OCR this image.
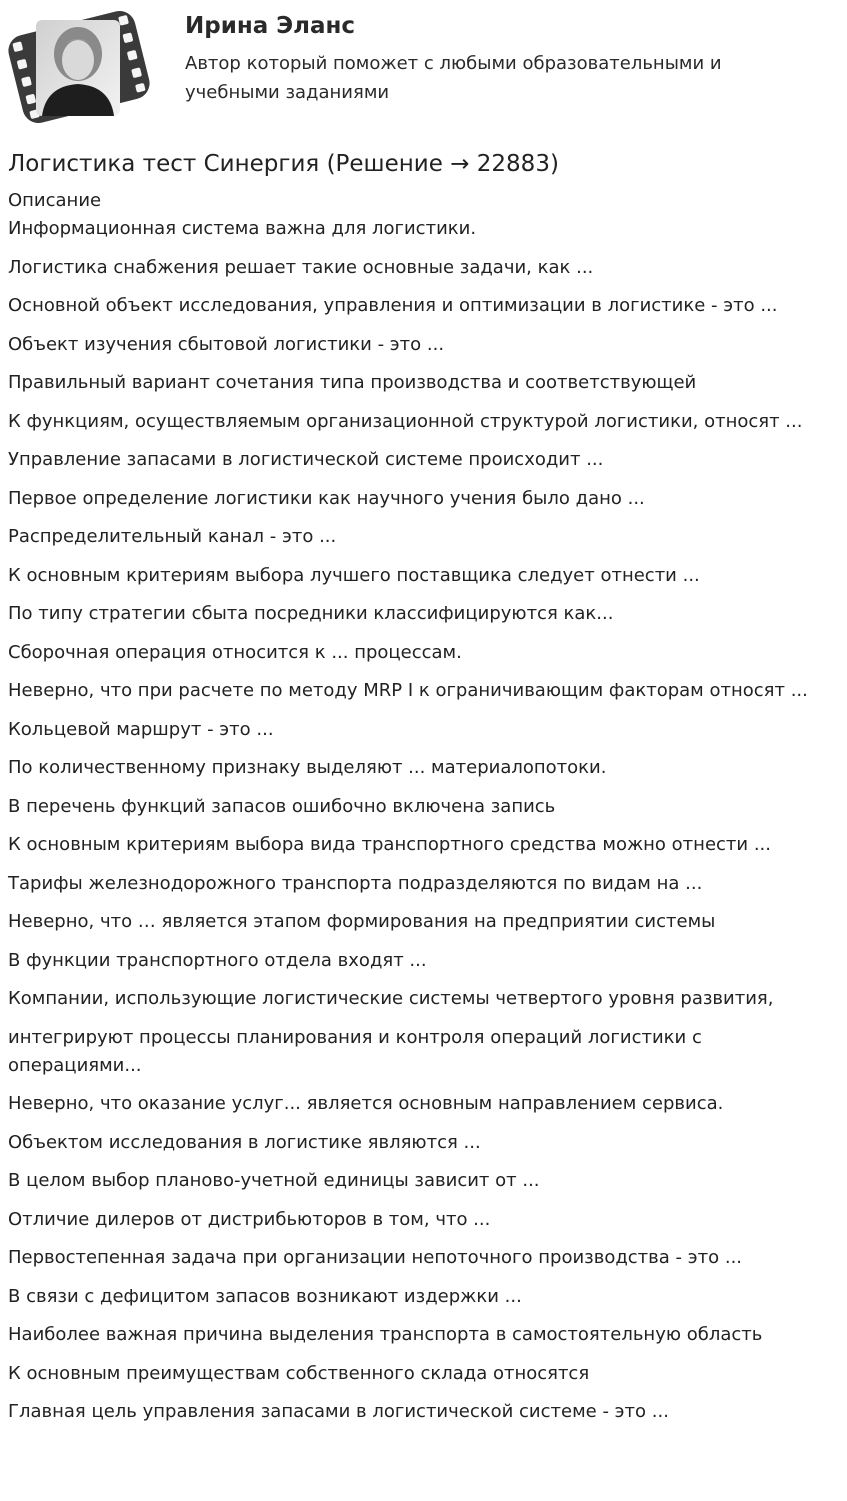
Ирина Эланс
Автор который поможет с любыми образовательными и учебными заданиями
Логистика тест Синергия (Решение → 22883)
Описание
Информационная система важна для логистики.
Логистика снабжения решает такие основные задачи, как ...
Основной объект исследования, управления и оптимизации в логистике - это ...
Объект изучения сбытовой логистики - это ...
Правильный вариант сочетания типа производства и соответствующей
К функциям, осуществляемым организационной структурой логистики, относят ...
Управление запасами в логистической системе происходит ...
Первое определение логистики как научного учения было дано ...
Распределительный канал - это ...
К основным критериям выбора лучшего поставщика следует отнести ...
По типу стратегии сбыта посредники классифицируются как...
Сборочная операция относится к ... процессам.
Неверно, что при расчете по методу MRP I к ограничивающим факторам относят ...
Кольцевой маршрут - это ...
По количественному признаку выделяют ... материалопотоки.
В перечень функций запасов ошибочно включена запись
К основным критериям выбора вида транспортного средства можно отнести ...
Тарифы железнодорожного транспорта подразделяются по видам на ...
Неверно, что … является этапом формирования на предприятии системы
В функции транспортного отдела входят ...
Компании, использующие логистические системы четвертого уровня развития,
интегрируют процессы планирования и контроля операций логистики с операциями...
Неверно, что оказание услуг... является основным направлением сервиса.
Объектом исследования в логистике являются ...
В целом выбор планово-учетной единицы зависит от ...
Отличие дилеров от дистрибьюторов в том, что ...
Первостепенная задача при организации непоточного производства - это ...
В связи с дефицитом запасов возникают издержки ...
Наиболее важная причина выделения транспорта в самостоятельную область
К основным преимуществам собственного склада относятся
Главная цель управления запасами в логистической системе - это ...
